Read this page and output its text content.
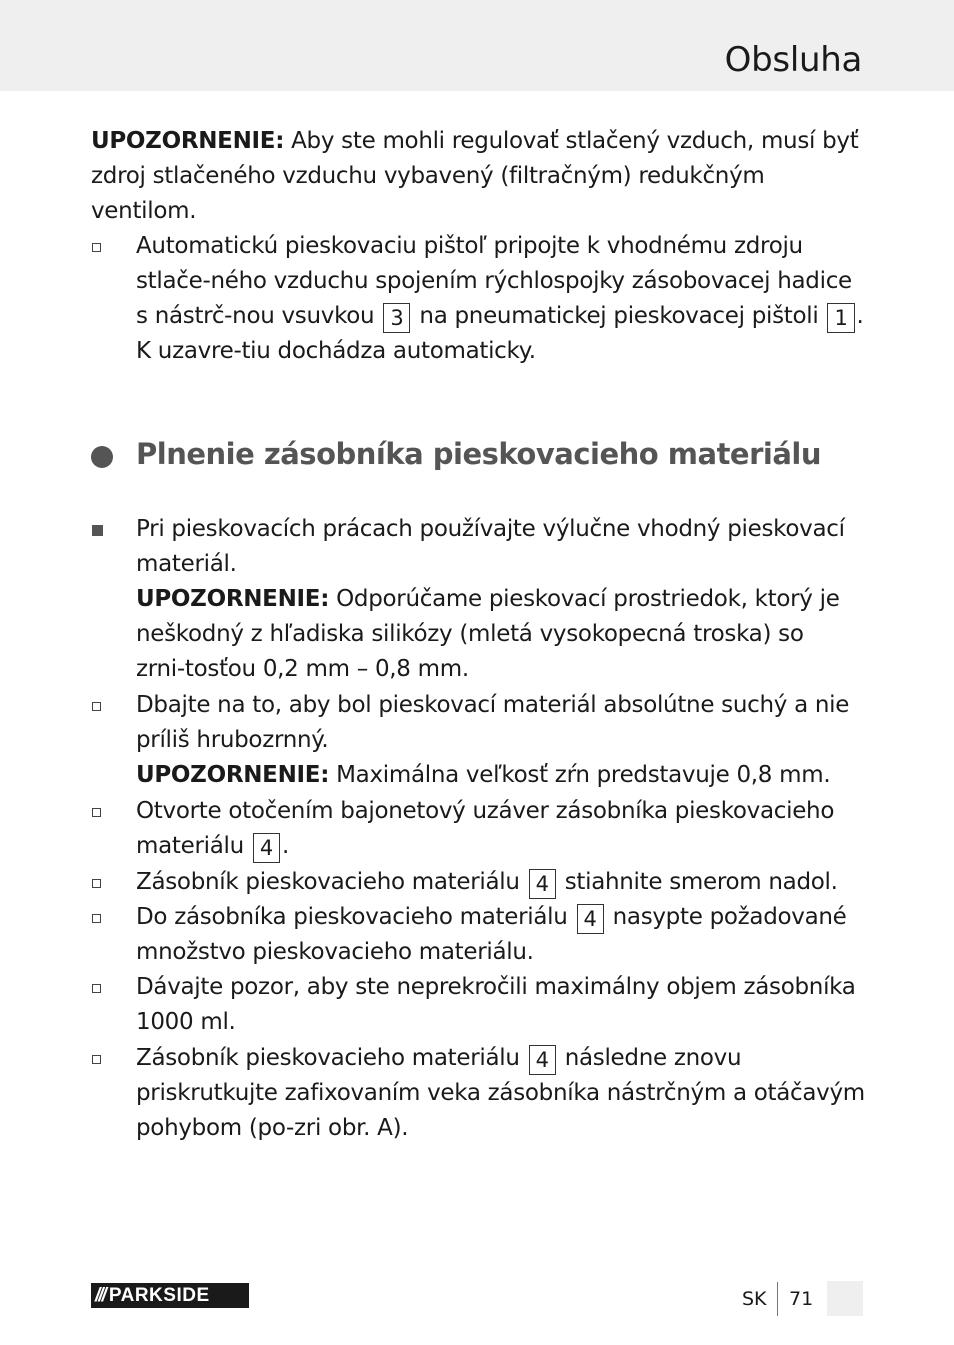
Obsluha
UPOZORNENIE: Aby ste mohli regulovať stlačený vzduch, musí byť zdroj stlačeného vzduchu vybavený (filtračným) redukčným ventilom.
Automatickú pieskovaciu pištoľ pripojte k vhodnému zdroju stlače-ného vzduchu spojením rýchlospojky zásobovacej hadice s nástrč-nou vsuvkou 3 na pneumatickej pieskovacej pištoli 1 . K uzavre-tiu dochádza automaticky.
Plnenie zásobníka pieskovacieho materiálu
Pri pieskovacích prácach používajte výlučne vhodný pieskovací materiál.
UPOZORNENIE: Odporúčame pieskovací prostriedok, ktorý je neškodný z hľadiska silikózy (mletá vysokopecná troska) so zrni-tosťou 0,2 mm – 0,8 mm.
Dbajte na to, aby bol pieskovací materiál absolútne suchý a nie príliš hrubozrnný.
UPOZORNENIE: Maximálna veľkosť zŕn predstavuje 0,8 mm.
Otvorte otočením bajonetový uzáver zásobníka pieskovacieho materiálu 4 .
Zásobník pieskovacieho materiálu 4 stiahnite smerom nadol.
Do zásobníka pieskovacieho materiálu 4 nasypte požadované množstvo pieskovacieho materiálu.
Dávajte pozor, aby ste neprekročili maximálny objem zásobníka 1000 ml.
Zásobník pieskovacieho materiálu 4 následne znovu priskrutkujte zafixovaním veka zásobníka nástrčným a otáčavým pohybom (po-zri obr. A).
/// PARKSIDE	SK 71
